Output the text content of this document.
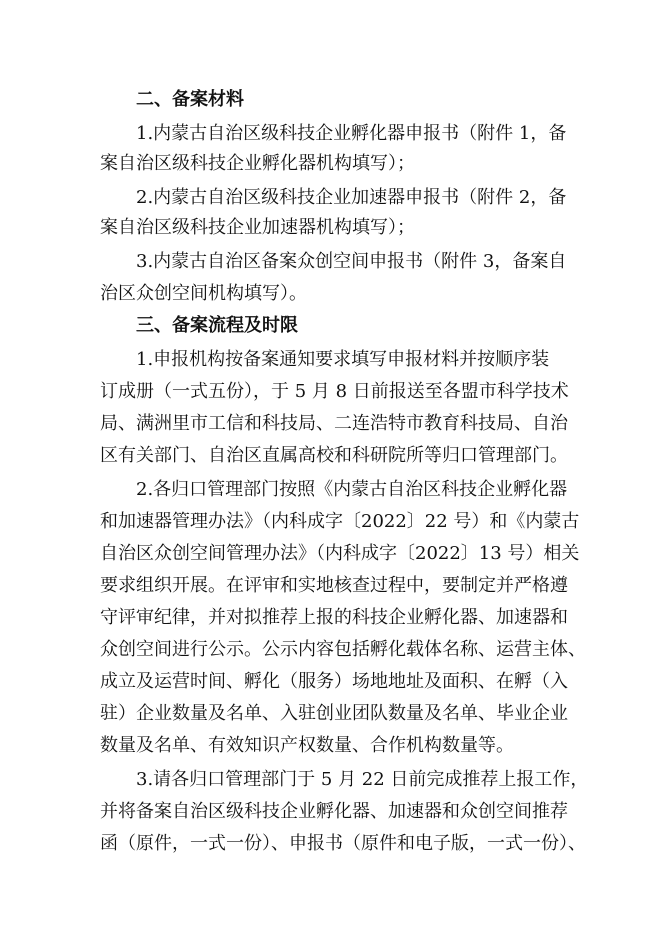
二、备案材料
1.内蒙古自治区级科技企业孵化器申报书（附件 1，备
案自治区级科技企业孵化器机构填写）；
2.内蒙古自治区级科技企业加速器申报书（附件 2，备
案自治区级科技企业加速器机构填写）；
3.内蒙古自治区备案众创空间申报书（附件 3，备案自
治区众创空间机构填写）。
三、备案流程及时限
1.申报机构按备案通知要求填写申报材料并按顺序装
订成册（一式五份），于 5 月 8 日前报送至各盟市科学技术
局、满洲里市工信和科技局、二连浩特市教育科技局、自治
区有关部门、自治区直属高校和科研院所等归口管理部门。
2.各归口管理部门按照《内蒙古自治区科技企业孵化器
和加速器管理办法》（内科成字〔2022〕22 号）和《内蒙古
自治区众创空间管理办法》（内科成字〔2022〕13 号）相关
要求组织开展。在评审和实地核查过程中，要制定并严格遵
守评审纪律，并对拟推荐上报的科技企业孵化器、加速器和
众创空间进行公示。公示内容包括孵化载体名称、运营主体、
成立及运营时间、孵化（服务）场地地址及面积、在孵（入
驻）企业数量及名单、入驻创业团队数量及名单、毕业企业
数量及名单、有效知识产权数量、合作机构数量等。
3.请各归口管理部门于 5 月 22 日前完成推荐上报工作，
并将备案自治区级科技企业孵化器、加速器和众创空间推荐
函（原件，一式一份）、申报书（原件和电子版，一式一份）、
